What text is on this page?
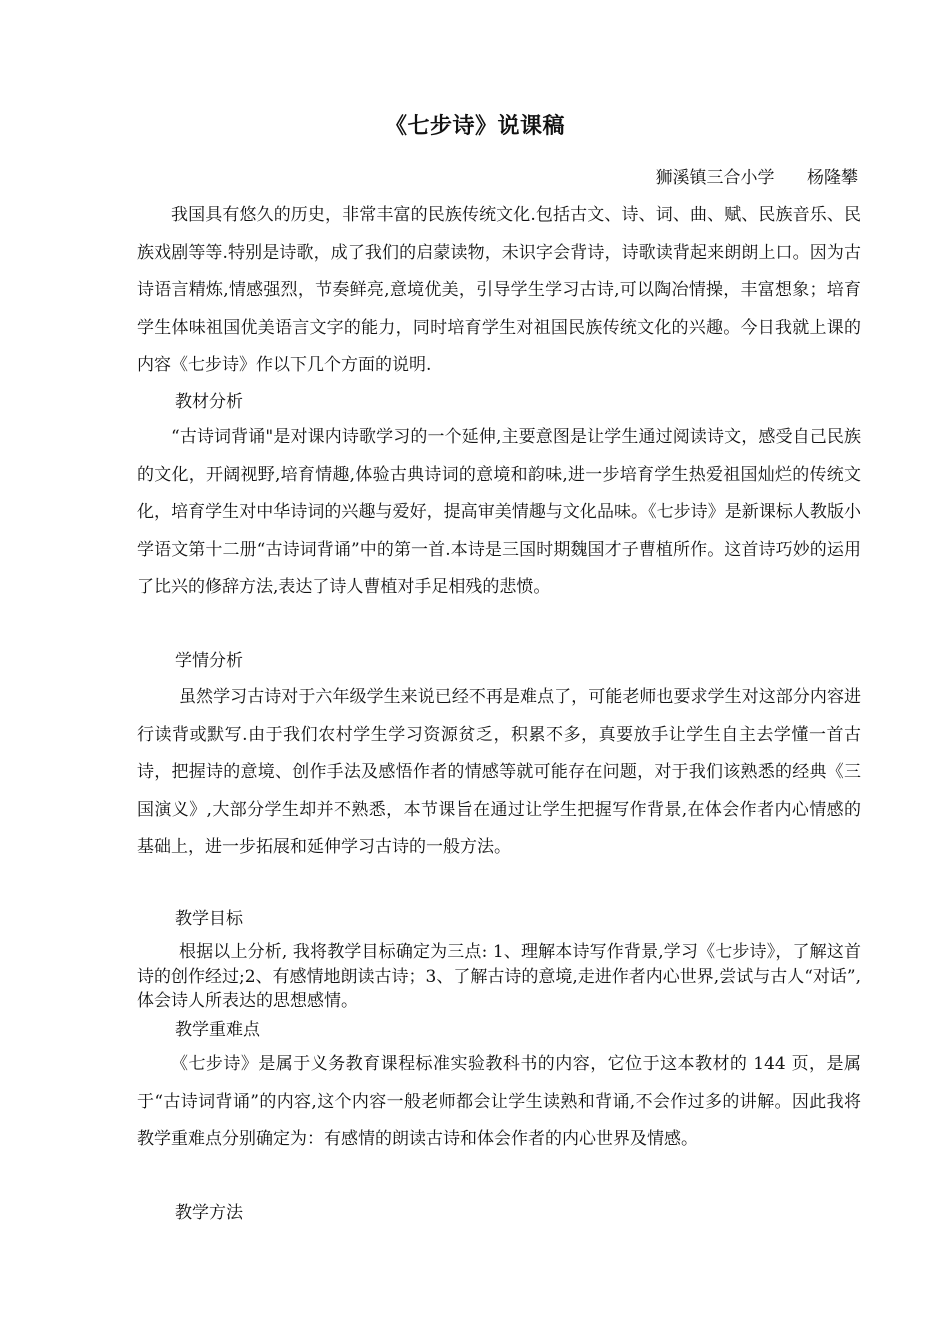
《七步诗》说课稿
狮溪镇三合小学      杨隆攀

我国具有悠久的历史，非常丰富的民族传统文化.包括古文、诗、词、曲、赋、民族音乐、民族戏剧等等.特别是诗歌，成了我们的启蒙读物，未识字会背诗，诗歌读背起来朗朗上口。因为古诗语言精炼,情感强烈，节奏鲜亮,意境优美，引导学生学习古诗,可以陶冶情操，丰富想象；培育学生体味祖国优美语言文字的能力，同时培育学生对祖国民族传统文化的兴趣。今日我就上课的内容《七步诗》作以下几个方面的说明.

教材分析

“古诗词背诵"是对课内诗歌学习的一个延伸,主要意图是让学生通过阅读诗文，感受自己民族的文化，开阔视野,培育情趣,体验古典诗词的意境和韵味,进一步培育学生热爱祖国灿烂的传统文化，培育学生对中华诗词的兴趣与爱好，提高审美情趣与文化品味。《七步诗》是新课标人教版小学语文第十二册“古诗词背诵”中的第一首.本诗是三国时期魏国才子曹植所作。这首诗巧妙的运用了比兴的修辞方法,表达了诗人曹植对手足相残的悲愤。

学情分析

虽然学习古诗对于六年级学生来说已经不再是难点了，可能老师也要求学生对这部分内容进行读背或默写.由于我们农村学生学习资源贫乏，积累不多，真要放手让学生自主去学懂一首古诗，把握诗的意境、创作手法及感悟作者的情感等就可能存在问题，对于我们该熟悉的经典《三国演义》,大部分学生却并不熟悉，本节课旨在通过让学生把握写作背景,在体会作者内心情感的基础上，进一步拓展和延伸学习古诗的一般方法。

教学目标

根据以上分析, 我将教学目标确定为三点: 1、理解本诗写作背景,学习《七步诗》，了解这首诗的创作经过;2、有感情地朗读古诗；3、了解古诗的意境,走进作者内心世界,尝试与古人“对话”,体会诗人所表达的思想感情。

教学重难点

《七步诗》是属于义务教育课程标准实验教科书的内容，它位于这本教材的 144 页，是属于“古诗词背诵”的内容,这个内容一般老师都会让学生读熟和背诵,不会作过多的讲解。因此我将教学重难点分别确定为：有感情的朗读古诗和体会作者的内心世界及情感。

教学方法
